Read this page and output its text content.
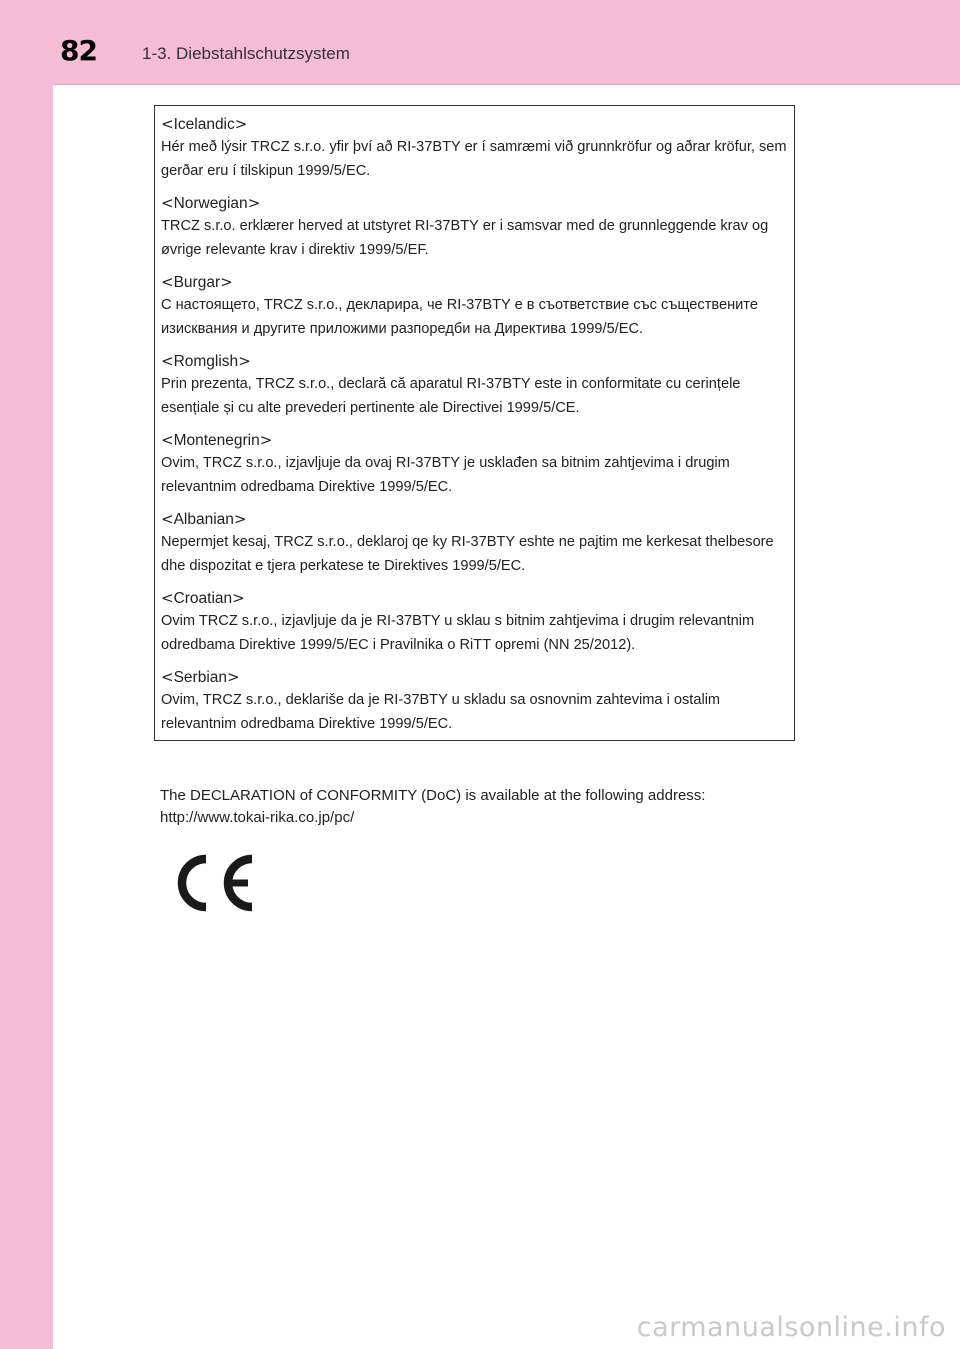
82	1-3. Diebstahlschutzsystem
<Icelandic>

Hér með lýsir TRCZ s.r.o. yfir því að RI-37BTY er í samræmi við grunnkröfur og aðrar kröfur, sem gerðar eru í tilskipun 1999/5/EC.

<Norwegian>

TRCZ s.r.o. erklærer herved at utstyret RI-37BTY er i samsvar med de grunnleggende krav og øvrige relevante krav i direktiv 1999/5/EF.

<Burgar>

С настоящето, TRCZ s.r.o., декларира, че RI-37BTY е в съответствие със съществените изисквания и другите приложими разпоредби на Директива 1999/5/EC.

<Romglish>

Prin prezenta, TRCZ s.r.o., declară că aparatul RI-37BTY este in conformitate cu cerințele esențiale și cu alte prevederi pertinente ale Directivei 1999/5/CE.

<Montenegrin>

Ovim, TRCZ s.r.o., izjavljuje da ovaj RI-37BTY je usklađen sa bitnim zahtjevima i drugim relevantnim odredbama Direktive 1999/5/EC.

<Albanian>

Nepermjet kesaj, TRCZ s.r.o., deklaroj qe ky RI-37BTY eshte ne pajtim me kerkesat thelbesore dhe dispozitat e tjera perkatese te Direktives 1999/5/EC.

<Croatian>

Ovim TRCZ s.r.o., izjavljuje da je RI-37BTY u sklau s bitnim zahtjevima i drugim relevantnim odredbama Direktive 1999/5/EC i Pravilnika o RiTT opremi (NN 25/2012).

<Serbian>

Ovim, TRCZ s.r.o., deklariše da je RI-37BTY u skladu sa osnovnim zahtevima i ostalim relevantnim odredbama Direktive 1999/5/EC.

The DECLARATION of CONFORMITY (DoC) is available at the following address:

http://www.tokai-rika.co.jp/pc/

carmanualsonline.info
